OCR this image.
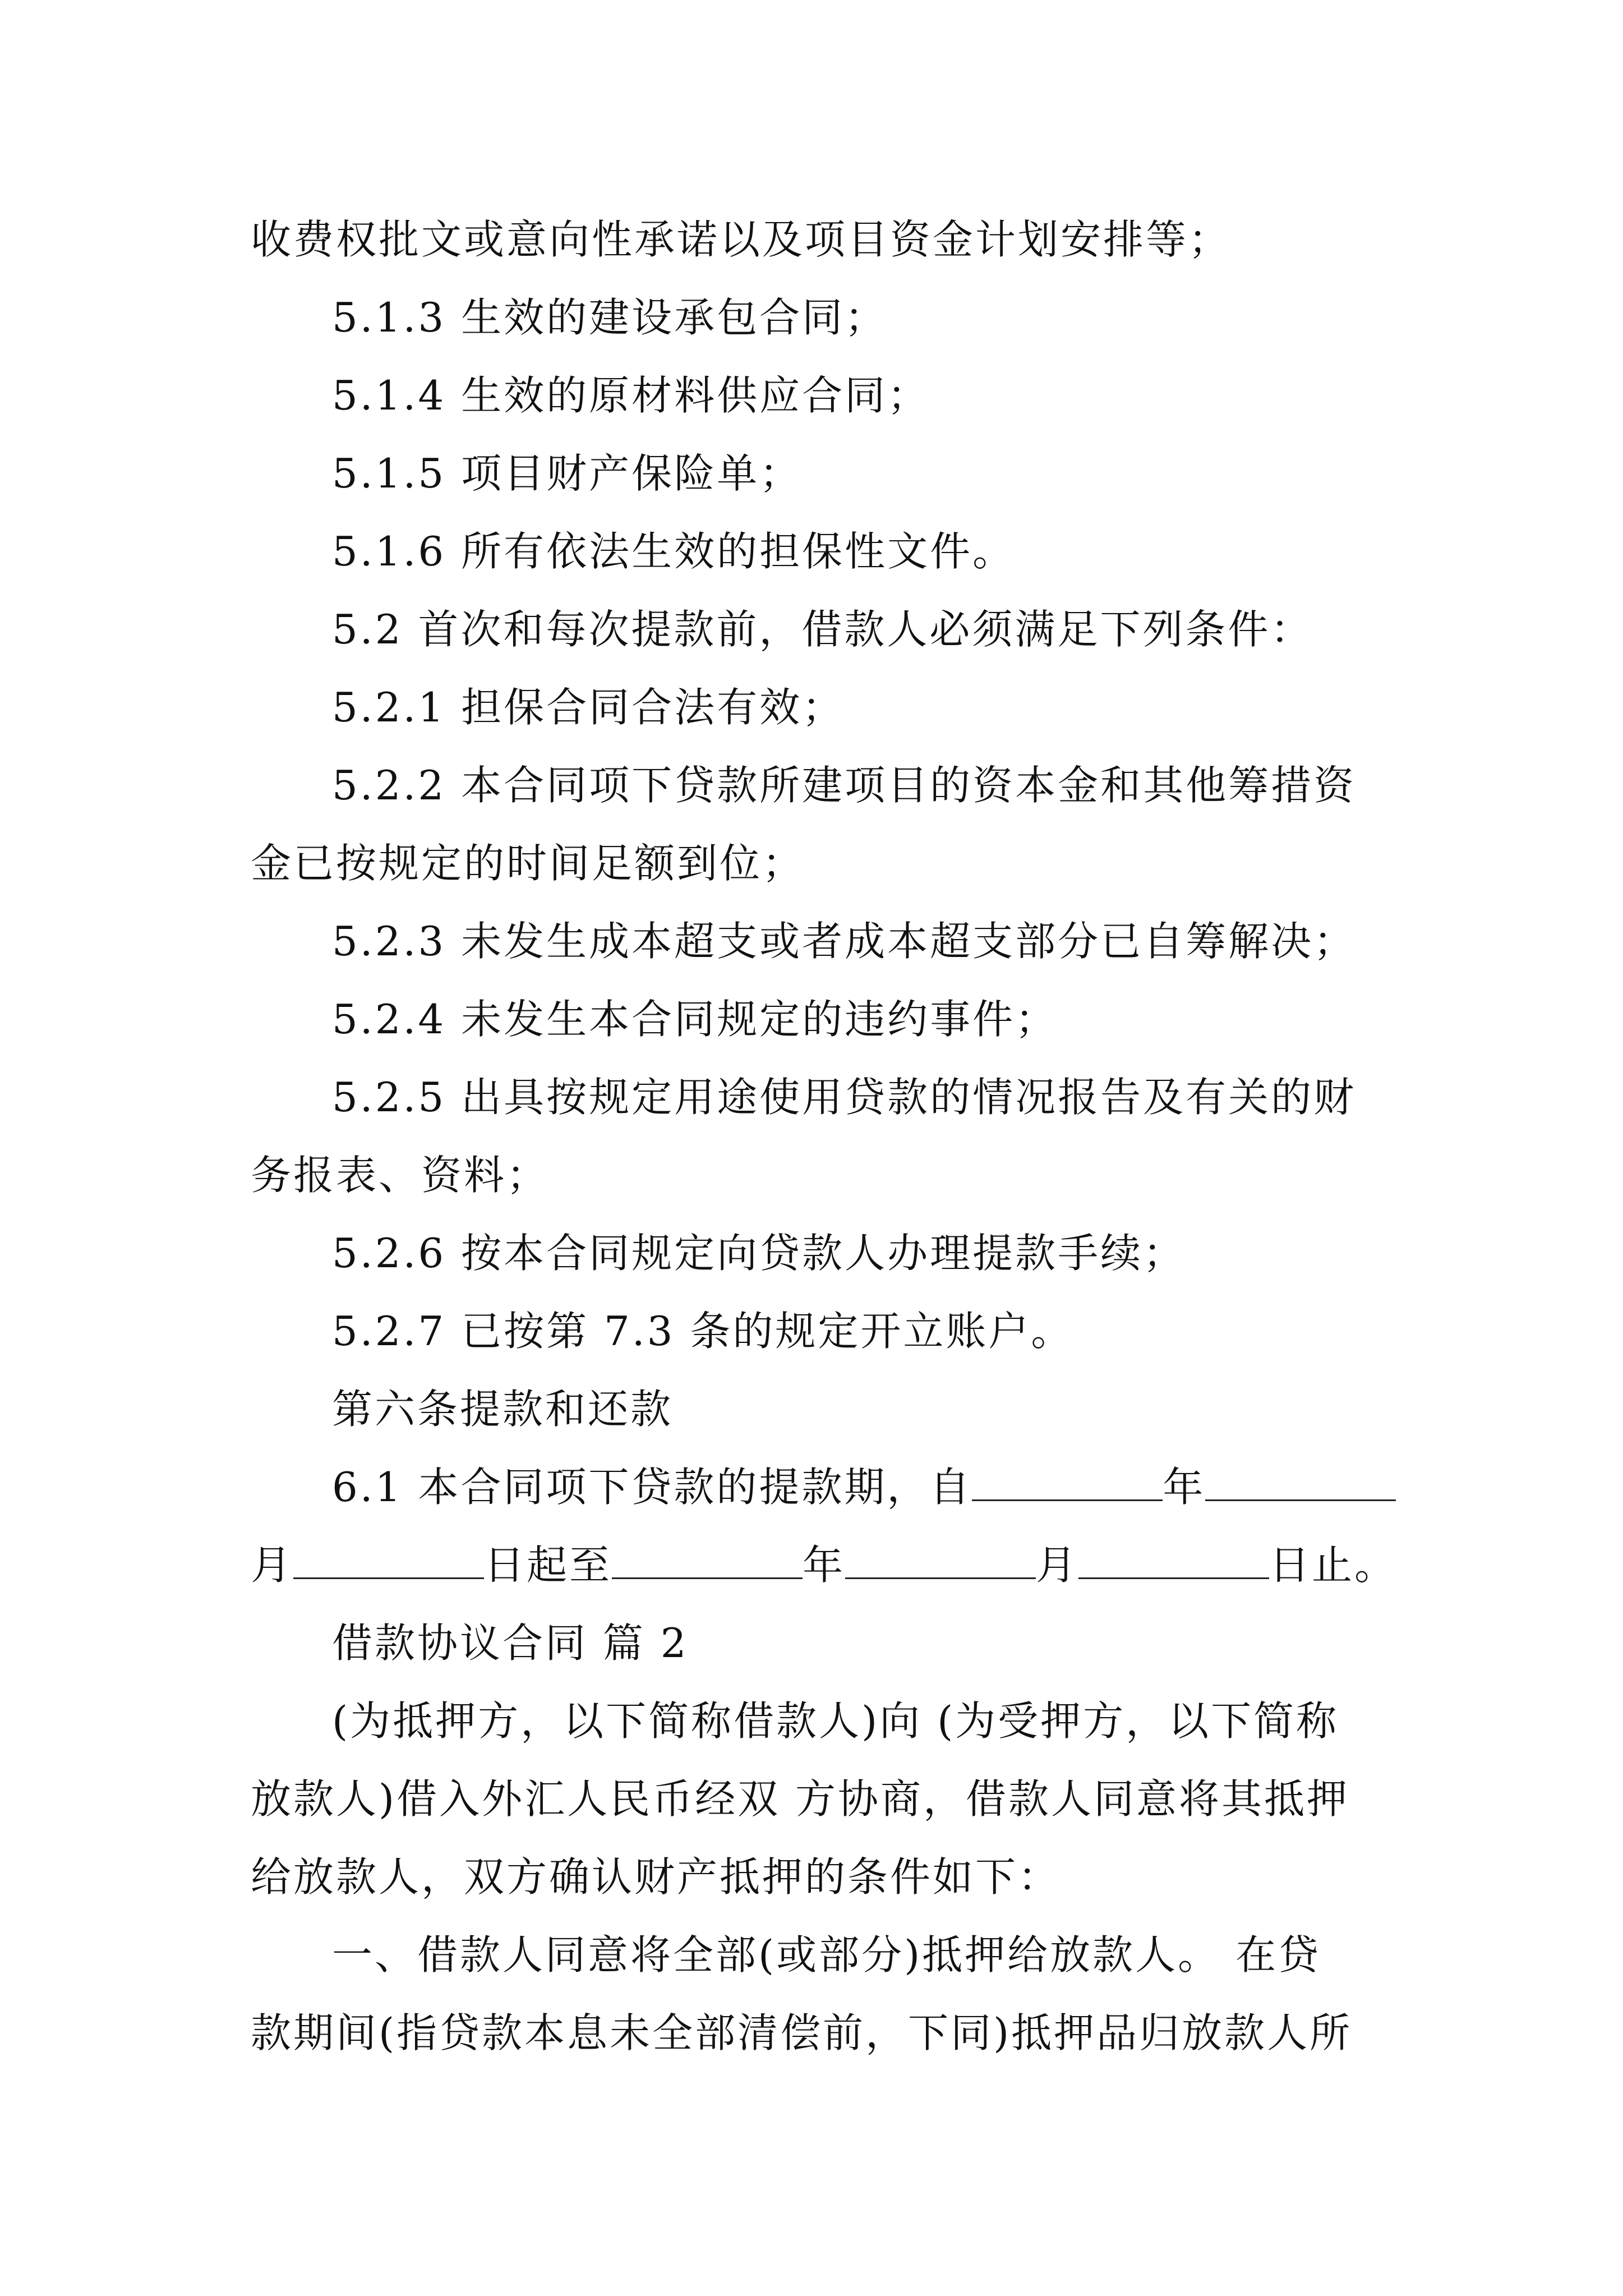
收费权批文或意向性承诺以及项目资金计划安排等；
5.1.3 生效的建设承包合同；
5.1.4 生效的原材料供应合同；
5.1.5 项目财产保险单；
5.1.6 所有依法生效的担保性文件。
5.2 首次和每次提款前，借款人必须满足下列条件：
5.2.1 担保合同合法有效；
5.2.2 本合同项下贷款所建项目的资本金和其他筹措资
金已按规定的时间足额到位；
5.2.3 未发生成本超支或者成本超支部分已自筹解决；
5.2.4 未发生本合同规定的违约事件；
5.2.5 出具按规定用途使用贷款的情况报告及有关的财
务报表、资料；
5.2.6 按本合同规定向贷款人办理提款手续；
5.2.7 已按第 7.3 条的规定开立账户。
第六条提款和还款
6.1 本合同项下贷款的提款期，自	年
月	日起至	年	月	日止。
借款协议合同 篇 2
(为抵押方，以下简称借款人)向 (为受押方，以下简称
放款人)借入外汇人民币经双 方协商，借款人同意将其抵押
给放款人，双方确认财产抵押的条件如下：
一、借款人同意将全部(或部分)抵押给放款人。 在贷
款期间(指贷款本息未全部清偿前，下同)抵押品归放款人所
